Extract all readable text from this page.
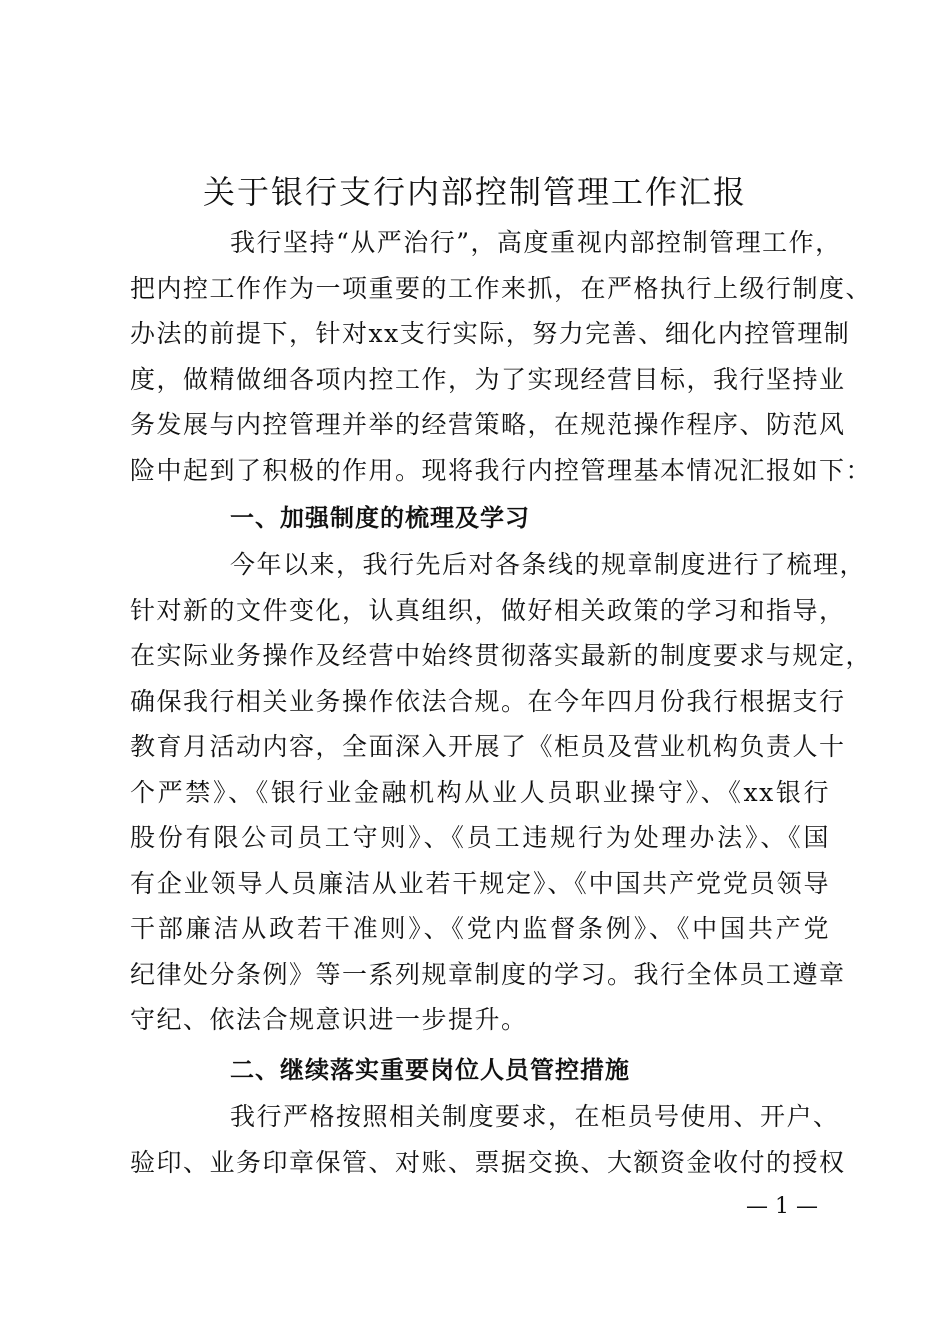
关于银行支行内部控制管理工作汇报
我行坚持“从严治行”，高度重视内部控制管理工作，
把内控工作作为一项重要的工作来抓，在严格执行上级行制度、
办法的前提下，针对xx支行实际，努力完善、细化内控管理制
度，做精做细各项内控工作，为了实现经营目标，我行坚持业
务发展与内控管理并举的经营策略，在规范操作程序、防范风
险中起到了积极的作用。现将我行内控管理基本情况汇报如下：
一、加强制度的梳理及学习
今年以来，我行先后对各条线的规章制度进行了梳理，
针对新的文件变化，认真组织，做好相关政策的学习和指导，
在实际业务操作及经营中始终贯彻落实最新的制度要求与规定，
确保我行相关业务操作依法合规。在今年四月份我行根据支行
教育月活动内容，全面深入开展了《柜员及营业机构负责人十
个严禁》、《银行业金融机构从业人员职业操守》、《xx银行
股份有限公司员工守则》、《员工违规行为处理办法》、《国
有企业领导人员廉洁从业若干规定》、《中国共产党党员领导
干部廉洁从政若干准则》、《党内监督条例》、《中国共产党
纪律处分条例》等一系列规章制度的学习。我行全体员工遵章
守纪、依法合规意识进一步提升。
二、继续落实重要岗位人员管控措施
我行严格按照相关制度要求，在柜员号使用、开户、
验印、业务印章保管、对账、票据交换、大额资金收付的授权
— 1 —
